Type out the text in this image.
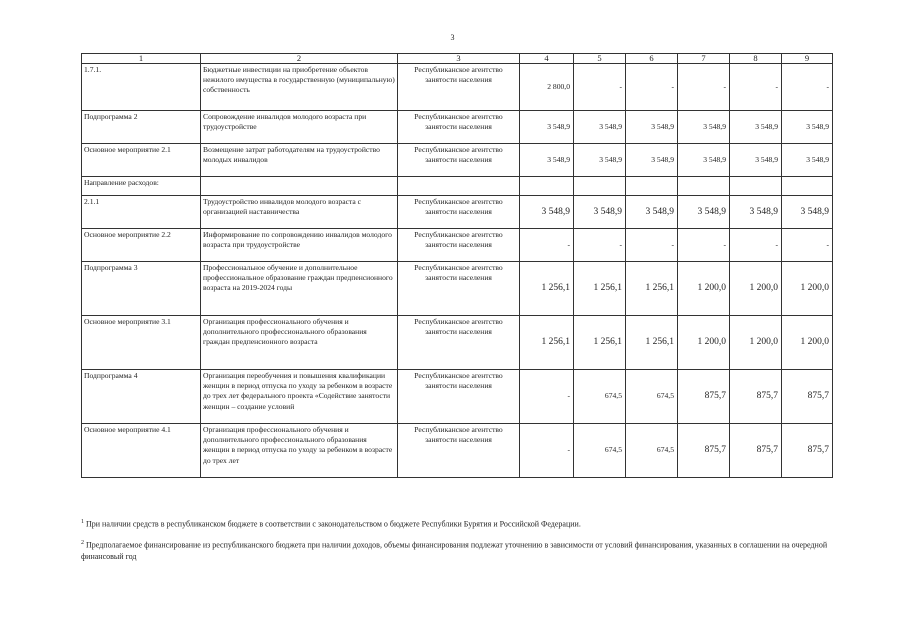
3
1	2	3	4	5	6	7	8	9
1.7.1.	Бюджетные инвестиции на приобретение объектов нежилого имущества в государственную (муниципальную) собственность	Республиканское агентство занятости населения	2 800,0	-	-	-	-	-
Подпрограмма 2	Сопровождение инвалидов молодого возраста при трудоустройстве	Республиканское агентство занятости населения	3 548,9	3 548,9	3 548,9	3 548,9	3 548,9	3 548,9
Основное мероприятие 2.1	Возмещение затрат работодателям на трудоустройство молодых инвалидов	Республиканское агентство занятости населения	3 548,9	3 548,9	3 548,9	3 548,9	3 548,9	3 548,9
Направление расходов:								
2.1.1	Трудоустройство инвалидов молодого возраста с организацией наставничества	Республиканское агентство занятости населения	3 548,9	3 548,9	3 548,9	3 548,9	3 548,9	3 548,9
Основное мероприятие 2.2	Информирование по сопровождению инвалидов молодого возраста при трудоустройстве	Республиканское агентство занятости населения	-	-	-	-	-	-
Подпрограмма 3	Профессиональное обучение и дополнительное профессиональное образование граждан предпенсионного возраста на 2019-2024 годы	Республиканское агентство занятости населения	1 256,1	1 256,1	1 256,1	1 200,0	1 200,0	1 200,0
Основное мероприятие 3.1	Организация профессионального обучения и дополнительного профессионального образования граждан предпенсионного возраста	Республиканское агентство занятости населения	1 256,1	1 256,1	1 256,1	1 200,0	1 200,0	1 200,0
Подпрограмма 4	Организация переобучения и повышения квалификации женщин в период отпуска по уходу за ребенком в возрасте до трех лет федерального проекта «Содействие занятости женщин – создание условий	Республиканское агентство занятости населения	-	674,5	674,5	875,7	875,7	875,7
Основное мероприятие 4.1	Организация профессионального обучения и дополнительного профессионального образования женщин в период отпуска по уходу за ребенком в возрасте до трех лет	Республиканское агентство занятости населения	-	674,5	674,5	875,7	875,7	875,7
$^1$ При наличии средств в республиканском бюджете в соответствии с законодательством о бюджете Республики Бурятия и Российской Федерации.
$^2$ Предполагаемое финансирование из республиканского бюджета при наличии доходов, объемы финансирования подлежат уточнению в зависимости от условий финансирования, указанных в соглашении на очередной финансовый год
